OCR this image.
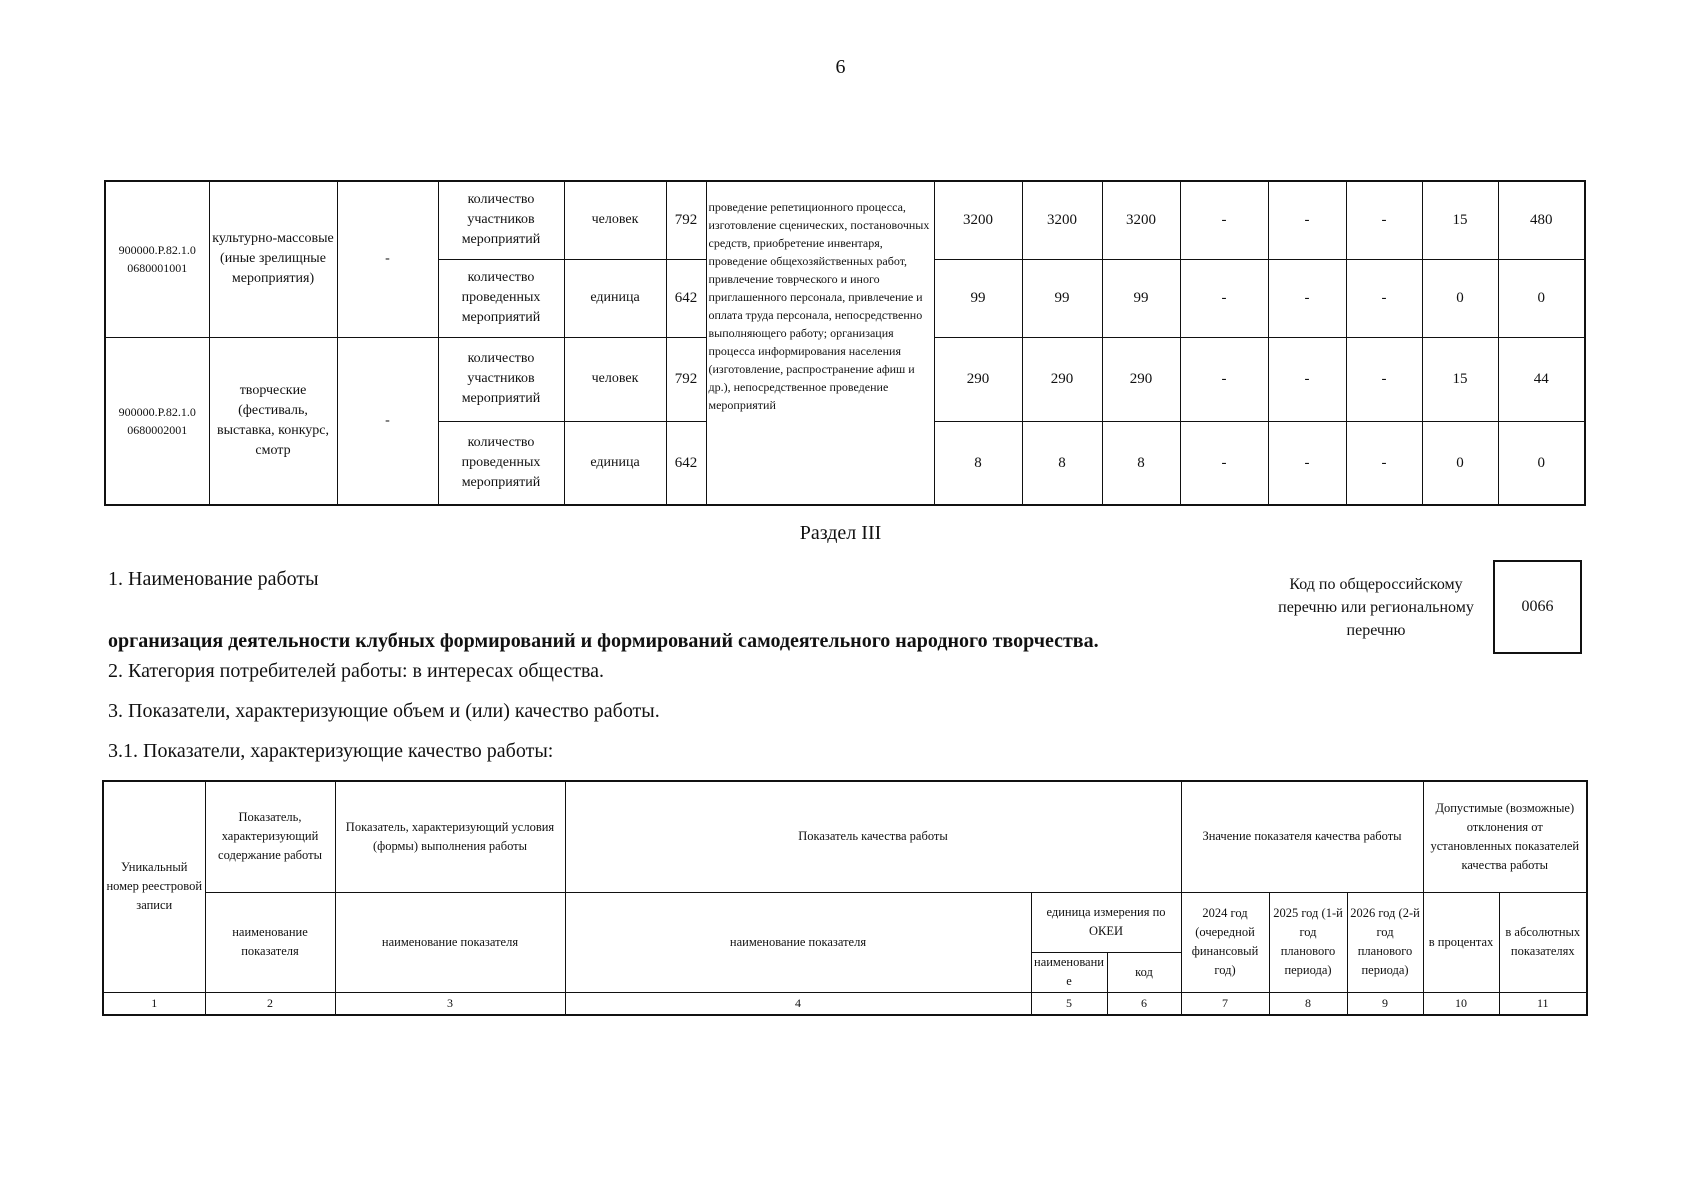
6
900000.Р.82.1.0 0680001001	культурно-массовые (иные зрелищные мероприятия)	-	количество участников мероприятий	человек	792	проведение репетиционного процесса, изготовление сценических, постановочных средств, приобретение инвентаря, проведение общехозяйственных работ, привлечение товрческого и иного приглашенного персонала, привлечение и оплата труда персонала, непосредственно выполняющего работу; организация процесса информирования населения (изготовление, распространение афиш и др.), непосредственное проведение мероприятий	3200	3200	3200	-	-	-	15	480
			количество проведенных мероприятий	единица	642		99	99	99	-	-	-	0	0
900000.Р.82.1.0 0680002001	творческие (фестиваль, выставка, конкурс, смотр	-	количество участников мероприятий	человек	792		290	290	290	-	-	-	15	44
			количество проведенных мероприятий	единица	642		8	8	8	-	-	-	0	0
Раздел III
1. Наименование работы	Код по общероссийскому перечню или региональному перечню
0066
организация деятельности клубных формирований и формирований самодеятельного народного творчества.
2. Категория потребителей работы: в интересах общества.
3. Показатели, характеризующие объем и (или) качество работы.
3.1. Показатели, характеризующие качество работы:
Уникальный номер реестровой записи	Показатель, характеризующий содержание работы	Показатель, характеризующий условия (формы) выполнения работы	Показатель качества работы			Значение показателя качества работы			Допустимые (возможные) отклонения от установленных показателей качества работы	
	наименование показателя	наименование показателя	наименование показателя	единица измерения по ОКЕИ		2024 год (очередной финансовый год)	2025 год (1-й год планового периода)	2026 год (2-й год планового периода)	в процентах	в абсолютных показателях
				наименование	код					
1	2	3	4	5	6	7	8	9	10	11
